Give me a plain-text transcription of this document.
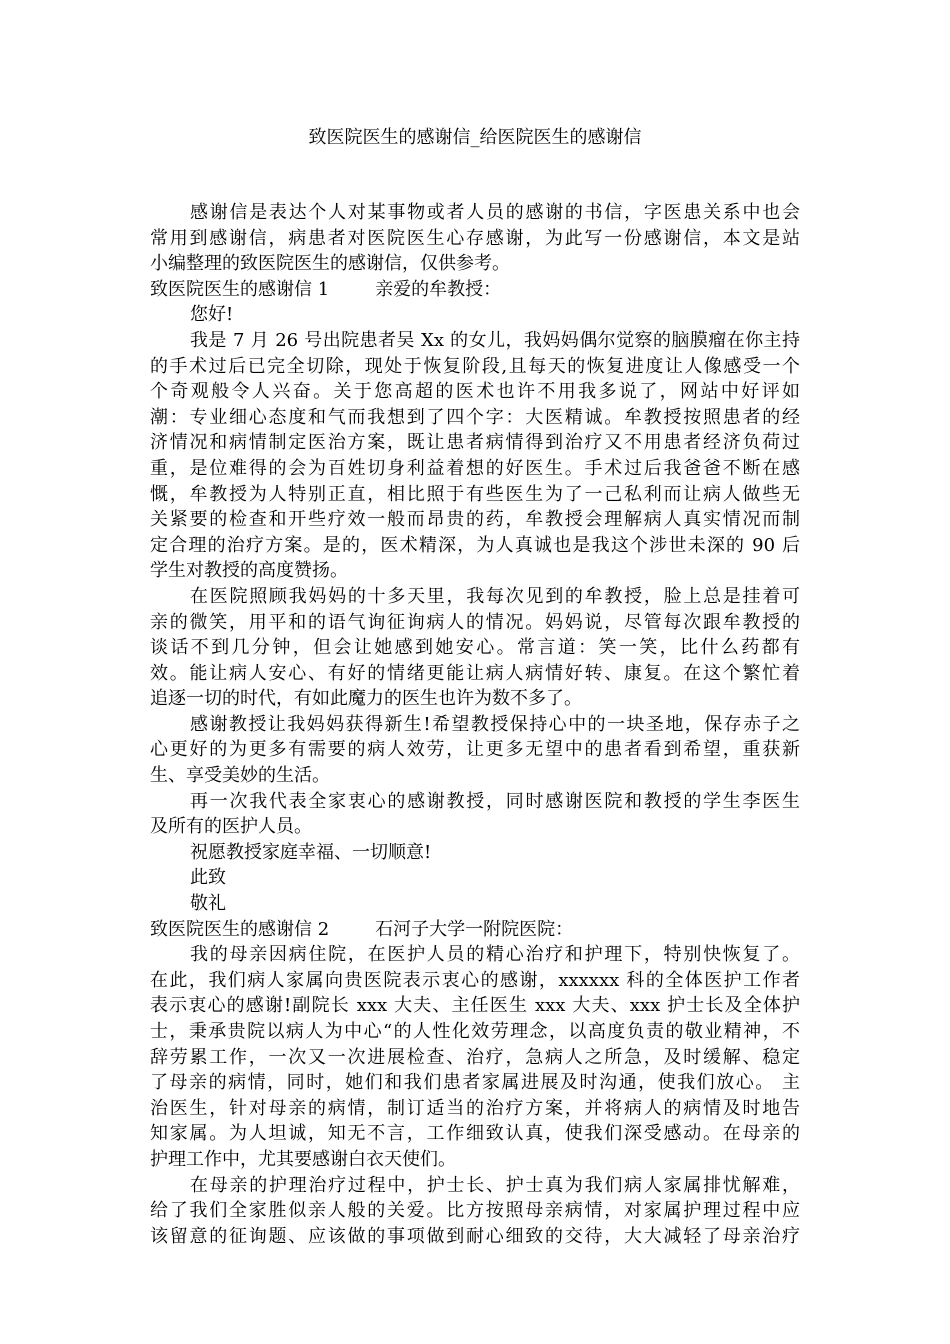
致医院医生的感谢信_给医院医生的感谢信

感谢信是表达个人对某事物或者人员的感谢的书信，字医患关系中也会

常用到感谢信，病患者对医院医生心存感谢，为此写一份感谢信，本文是站

小编整理的致医院医生的感谢信，仅供参考。

致医院医生的感谢信 1	亲爱的牟教授：

您好!

我是 7 月 26 号出院患者吴 Xx 的女儿，我妈妈偶尔觉察的脑膜瘤在你主持

的手术过后已完全切除，现处于恢复阶段,且每天的恢复进度让人像感受一个

个奇观般令人兴奋。关于您高超的医术也许不用我多说了，网站中好评如

潮：专业细心态度和气而我想到了四个字：大医精诚。牟教授按照患者的经

济情况和病情制定医治方案，既让患者病情得到治疗又不用患者经济负荷过

重，是位难得的会为百姓切身利益着想的好医生。手术过后我爸爸不断在感

慨，牟教授为人特别正直，相比照于有些医生为了一己私利而让病人做些无

关紧要的检查和开些疗效一般而昂贵的药，牟教授会理解病人真实情况而制

定合理的治疗方案。是的，医术精深，为人真诚也是我这个涉世未深的 90 后

学生对教授的高度赞扬。

在医院照顾我妈妈的十多天里，我每次见到的牟教授，脸上总是挂着可

亲的微笑，用平和的语气询征询病人的情况。妈妈说，尽管每次跟牟教授的

谈话不到几分钟，但会让她感到她安心。常言道：笑一笑，比什么药都有

效。能让病人安心、有好的情绪更能让病人病情好转、康复。在这个繁忙着

追逐一切的时代，有如此魔力的医生也许为数不多了。

感谢教授让我妈妈获得新生!希望教授保持心中的一块圣地，保存赤子之

心更好的为更多有需要的病人效劳，让更多无望中的患者看到希望，重获新

生、享受美妙的生活。

再一次我代表全家衷心的感谢教授，同时感谢医院和教授的学生李医生

及所有的医护人员。

祝愿教授家庭幸福、一切顺意!

此致

敬礼

致医院医生的感谢信 2	石河子大学一附院医院：

我的母亲因病住院，在医护人员的精心治疗和护理下，特别快恢复了。

在此，我们病人家属向贵医院表示衷心的感谢，xxxxxx 科的全体医护工作者

表示衷心的感谢!副院长 xxx 大夫、主任医生 xxx 大夫、xxx 护士长及全体护

士，秉承贵院以病人为中心“的人性化效劳理念，以高度负责的敬业精神，不

辞劳累工作，一次又一次进展检查、治疗，急病人之所急，及时缓解、稳定

了母亲的病情，同时，她们和我们患者家属进展及时沟通，使我们放心。 主

治医生，针对母亲的病情，制订适当的治疗方案，并将病人的病情及时地告

知家属。为人坦诚，知无不言，工作细致认真，使我们深受感动。在母亲的

护理工作中，尤其要感谢白衣天使们。

在母亲的护理治疗过程中，护士长、护士真为我们病人家属排忧解难，

给了我们全家胜似亲人般的关爱。比方按照母亲病情，对家属护理过程中应

该留意的征询题、应该做的事项做到耐心细致的交待，大大减轻了母亲治疗
